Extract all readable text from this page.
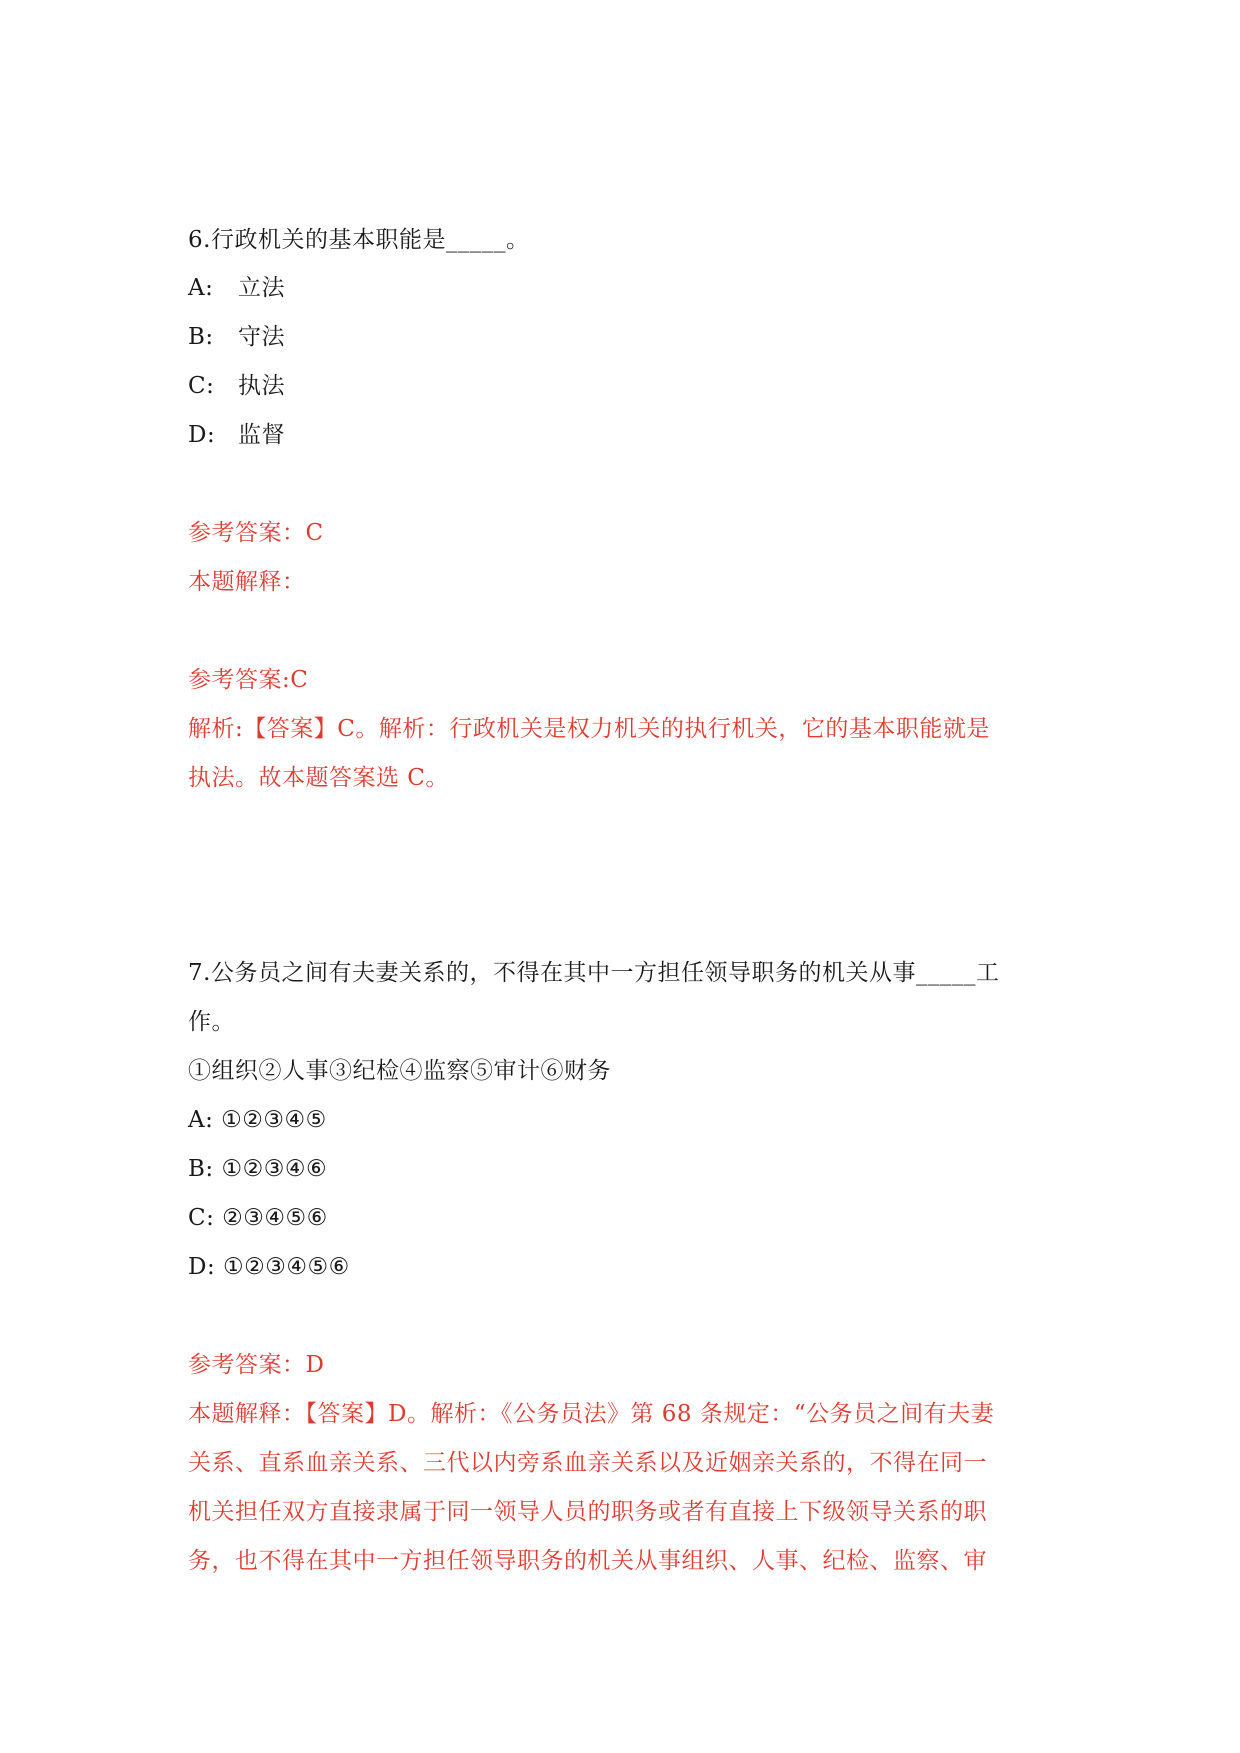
6.行政机关的基本职能是_____。
A: 立法
B: 守法
C: 执法
D: 监督
参考答案：C
本题解释：
参考答案:C
解析:【答案】C。解析：行政机关是权力机关的执行机关，它的基本职能就是
执法。故本题答案选 C。
7.公务员之间有夫妻关系的，不得在其中一方担任领导职务的机关从事_____工
作。
①组织②人事③纪检④监察⑤审计⑥财务
A: ①②③④⑤
B: ①②③④⑥
C: ②③④⑤⑥
D: ①②③④⑤⑥
参考答案：D
本题解释：【答案】D。解析：《公务员法》第 68 条规定：“公务员之间有夫妻
关系、直系血亲关系、三代以内旁系血亲关系以及近姻亲关系的，不得在同一
机关担任双方直接隶属于同一领导人员的职务或者有直接上下级领导关系的职
务，也不得在其中一方担任领导职务的机关从事组织、人事、纪检、监察、审
